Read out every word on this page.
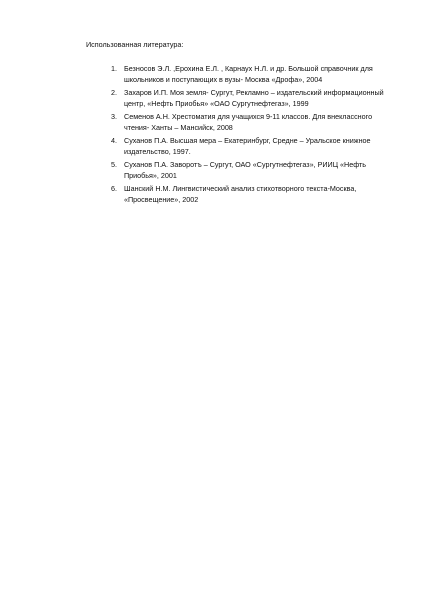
Использованная литература:
1. Безносов Э.Л. ,Ерохина Е.Л. , Карнаух Н.Л. и др. Большой справочник для
школьников и поступающих в вузы- Москва «Дрофа», 2004
2. Захаров И.П. Моя земля- Сургут, Рекламно – издательский информационный
центр, «Нефть Приобья» «ОАО Сургутнефтегаз», 1999
3. Семенов А.Н. Хрестоматия для учащихся 9-11 классов. Для внеклассного
чтения- Ханты – Мансийск, 2008
4. Суханов П.А. Высшая мера – Екатеринбург, Средне – Уральское книжное
издательство, 1997.
5. Суханов П.А. Заворотъ – Сургут, ОАО «Сургутнефтегаз», РИИЦ «Нефть
Приобья», 2001
6. Шанский Н.М. Лингвистический анализ стихотворного текста-Москва,
«Просвещение», 2002
